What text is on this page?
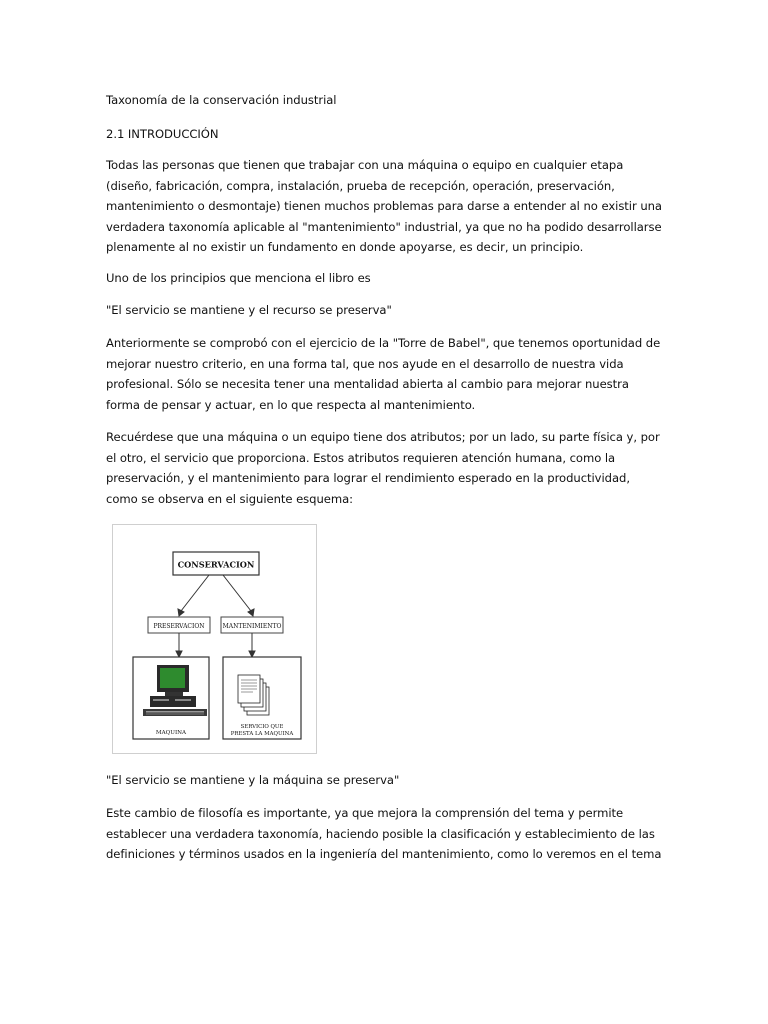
Taxonomía de la conservación industrial

2.1 INTRODUCCIÓN

Todas las personas que tienen que trabajar con una máquina o equipo en cualquier etapa (diseño, fabricación, compra, instalación, prueba de recepción, operación, preservación, mantenimiento o desmontaje) tienen muchos problemas para darse a entender al no existir una verdadera taxonomía aplicable al "mantenimiento" industrial, ya que no ha podido desarrollarse plenamente al no existir un fundamento en donde apoyarse, es decir, un principio.

Uno de los principios que menciona el libro es

"El servicio se mantiene y el recurso se preserva"

Anteriormente se comprobó con el ejercicio de la "Torre de Babel", que tenemos oportunidad de mejorar nuestro criterio, en una forma tal, que nos ayude en el desarrollo de nuestra vida profesional. Sólo se necesita tener una mentalidad abierta al cambio para mejorar nuestra forma de pensar y actuar, en lo que respecta al mantenimiento.

Recuérdese que una máquina o un equipo tiene dos atributos; por un lado, su parte física y, por el otro, el servicio que proporciona. Estos atributos requieren atención humana, como la preservación, y el mantenimiento para lograr el rendimiento esperado en la productividad, como se observa en el siguiente esquema:

CONSERVACION
PRESERVACION	MANTENIMIENTO
MAQUINA
SERVICIO QUE
PRESTA LA MAQUINA

"El servicio se mantiene y la máquina se preserva"

Este cambio de filosofía es importante, ya que mejora la comprensión del tema y permite establecer una verdadera taxonomía, haciendo posible la clasificación y establecimiento de las definiciones y términos usados en la ingeniería del mantenimiento, como lo veremos en el tema
